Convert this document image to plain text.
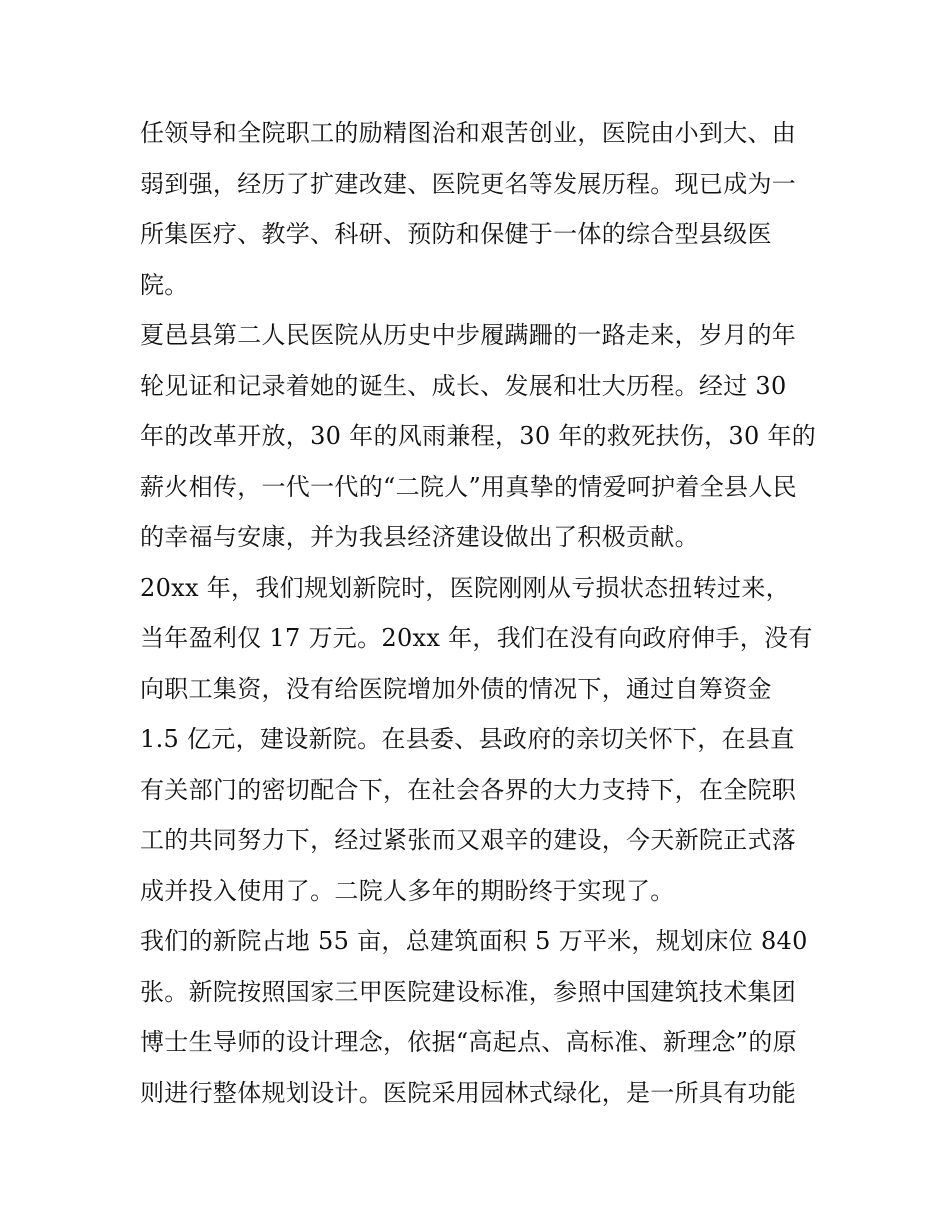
任领导和全院职工的励精图治和艰苦创业，医院由小到大、由
弱到强，经历了扩建改建、医院更名等发展历程。现已成为一
所集医疗、教学、科研、预防和保健于一体的综合型县级医
院。
夏邑县第二人民医院从历史中步履蹒跚的一路走来，岁月的年
轮见证和记录着她的诞生、成长、发展和壮大历程。经过 30
年的改革开放，30 年的风雨兼程，30 年的救死扶伤，30 年的
薪火相传，一代一代的“二院人”用真挚的情爱呵护着全县人民
的幸福与安康，并为我县经济建设做出了积极贡献。
20xx 年，我们规划新院时，医院刚刚从亏损状态扭转过来，
当年盈利仅 17 万元。20xx 年，我们在没有向政府伸手，没有
向职工集资，没有给医院增加外债的情况下，通过自筹资金
1.5 亿元，建设新院。在县委、县政府的亲切关怀下，在县直
有关部门的密切配合下，在社会各界的大力支持下，在全院职
工的共同努力下，经过紧张而又艰辛的建设，今天新院正式落
成并投入使用了。二院人多年的期盼终于实现了。
我们的新院占地 55 亩，总建筑面积 5 万平米，规划床位 840
张。新院按照国家三甲医院建设标准，参照中国建筑技术集团
博士生导师的设计理念，依据“高起点、高标准、新理念”的原
则进行整体规划设计。医院采用园林式绿化，是一所具有功能
